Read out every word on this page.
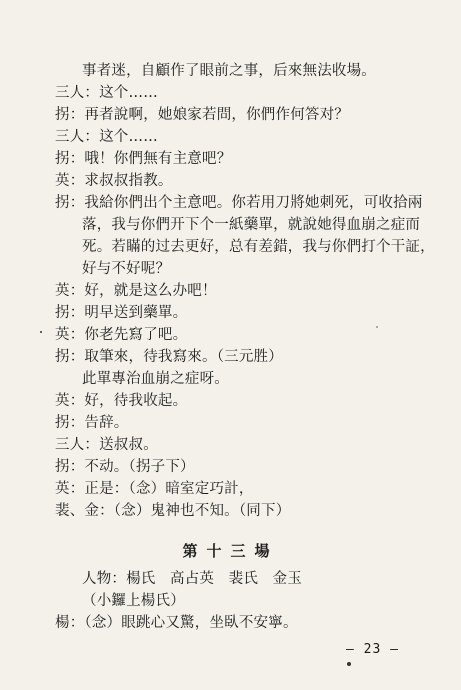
事者迷，自顧作了眼前之事，后來無法收場。
三人：这个……
拐：再者說啊，她娘家若問，你們作何答对？
三人：这个……
拐：哦！你們無有主意吧？
英：求叔叔指教。
拐：我給你們出个主意吧。你若用刀將她刺死，可收拾兩
落，我与你們开下个一紙藥單，就說她得血崩之症而
死。若瞞的过去更好，总有差錯，我与你們打个干証，
好与不好呢？
英：好，就是这么办吧！
拐：明早送到藥單。
英：你老先寫了吧。
拐：取筆來，待我寫來。（三元胜）
此單專治血崩之症呀。
英：好，待我收起。
拐：告辞。
三人：送叔叔。
拐：不动。（拐子下）
英：正是：（念）暗室定巧計，
裴、金：（念）鬼神也不知。（同下）
第十三場
人物：楊氏 高占英 裴氏 金玉
（小鑼上楊氏）
楊：（念）眼跳心又驚，坐臥不安寧。
— 23 —
